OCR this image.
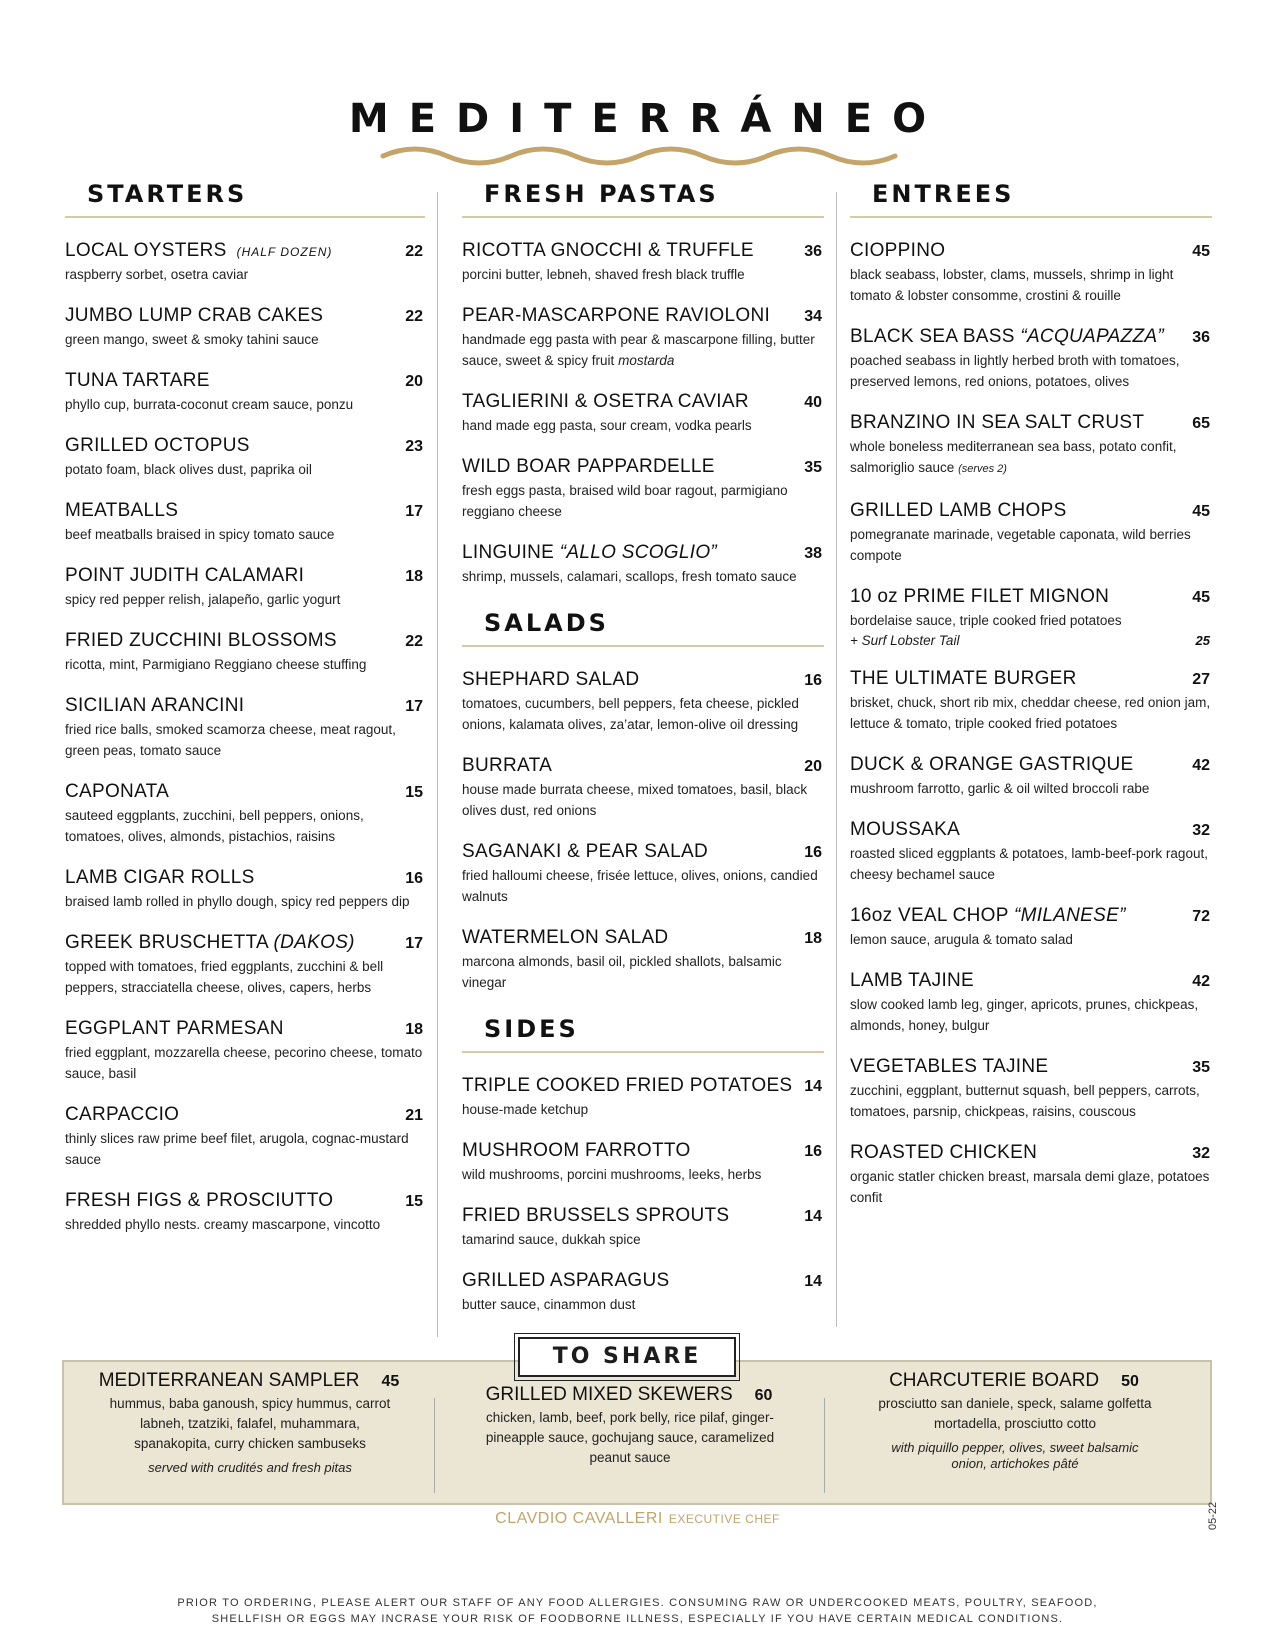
MEDITERRÁNEO
STARTERS
LOCAL OYSTERS (HALF DOZEN)	22
raspberry sorbet, osetra caviar
JUMBO LUMP CRAB CAKES	22
green mango, sweet & smoky tahini sauce
TUNA TARTARE	20
phyllo cup, burrata-coconut cream sauce, ponzu
GRILLED OCTOPUS	23
potato foam, black olives dust, paprika oil
MEATBALLS	17
beef meatballs braised in spicy tomato sauce
POINT JUDITH CALAMARI	18
spicy red pepper relish, jalapeño, garlic yogurt
FRIED ZUCCHINI BLOSSOMS	22
ricotta, mint, Parmigiano Reggiano cheese stuffing
SICILIAN ARANCINI	17
fried rice balls, smoked scamorza cheese, meat ragout, green peas, tomato sauce
CAPONATA	15
sauteed eggplants, zucchini, bell peppers, onions, tomatoes, olives, almonds, pistachios, raisins
LAMB CIGAR ROLLS	16
braised lamb rolled in phyllo dough, spicy red peppers dip
GREEK BRUSCHETTA (DAKOS)	17
topped with tomatoes, fried eggplants, zucchini & bell peppers, stracciatella cheese, olives, capers, herbs
EGGPLANT PARMESAN	18
fried eggplant, mozzarella cheese, pecorino cheese, tomato sauce, basil
CARPACCIO	21
thinly slices raw prime beef filet, arugola, cognac-mustard sauce
FRESH FIGS & PROSCIUTTO	15
shredded phyllo nests. creamy mascarpone, vincotto
FRESH PASTAS
RICOTTA GNOCCHI & TRUFFLE	36
porcini butter, lebneh, shaved fresh black truffle
PEAR-MASCARPONE RAVIOLONI 34
handmade egg pasta with pear & mascarpone filling, butter sauce, sweet & spicy fruit mostarda
TAGLIERINI & OSETRA CAVIAR	40
hand made egg pasta, sour cream, vodka pearls
WILD BOAR PAPPARDELLE	35
fresh eggs pasta, braised wild boar ragout, parmigiano reggiano cheese
LINGUINE “ALLO SCOGLIO”	38
shrimp, mussels, calamari, scallops, fresh tomato sauce
SALADS
SHEPHARD SALAD	16
tomatoes, cucumbers, bell peppers, feta cheese, pickled onions, kalamata olives, za’atar, lemon-olive oil dressing
BURRATA	20
house made burrata cheese, mixed tomatoes, basil, black olives dust, red onions
SAGANAKI & PEAR SALAD	16
fried halloumi cheese, frisée lettuce, olives, onions, candied walnuts
WATERMELON SALAD	18
marcona almonds, basil oil, pickled shallots, balsamic vinegar
SIDES
TRIPLE COOKED FRIED POTATOES 14
house-made ketchup
MUSHROOM FARROTTO	16
wild mushrooms, porcini mushrooms, leeks, herbs
FRIED BRUSSELS SPROUTS	14
tamarind sauce, dukkah spice
GRILLED ASPARAGUS	14
butter sauce, cinammon dust
ENTREES
CIOPPINO	45
black seabass, lobster, clams, mussels, shrimp in light tomato & lobster consomme, crostini & rouille
BLACK SEA BASS “ACQUAPAZZA” 36
poached seabass in lightly herbed broth with tomatoes, preserved lemons, red onions, potatoes, olives
BRANZINO IN SEA SALT CRUST	65
whole boneless mediterranean sea bass, potato confit, salmoriglio sauce (serves 2)
GRILLED LAMB CHOPS	45
pomegranate marinade, vegetable caponata, wild berries compote
10 oz PRIME FILET MIGNON	45
bordelaise sauce, triple cooked fried potatoes
+ Surf Lobster Tail	25
THE ULTIMATE BURGER	27
brisket, chuck, short rib mix, cheddar cheese, red onion jam, lettuce & tomato, triple cooked fried potatoes
DUCK & ORANGE GASTRIQUE	42
mushroom farrotto, garlic & oil wilted broccoli rabe
MOUSSAKA	32
roasted sliced eggplants & potatoes, lamb-beef-pork ragout, cheesy bechamel sauce
16oz VEAL CHOP “MILANESE”	72
lemon sauce, arugula & tomato salad
LAMB TAJINE	42
slow cooked lamb leg, ginger, apricots, prunes, chickpeas, almonds, honey, bulgur
VEGETABLES TAJINE	35
zucchini, eggplant, butternut squash, bell peppers, carrots, tomatoes, parsnip, chickpeas, raisins, couscous
ROASTED CHICKEN	32
organic statler chicken breast, marsala demi glaze, potatoes confit
TO SHARE
MEDITERRANEAN SAMPLER 45
hummus, baba ganoush, spicy hummus, carrot labneh, tzatziki, falafel, muhammara, spanakopita, curry chicken sambuseks
served with crudités and fresh pitas
GRILLED MIXED SKEWERS 60
chicken, lamb, beef, pork belly, rice pilaf, ginger-pineapple sauce, gochujang sauce, caramelized peanut sauce
CHARCUTERIE BOARD 50
prosciutto san daniele, speck, salame golfetta mortadella, prosciutto cotto
with piquillo pepper, olives, sweet balsamic onion, artichokes pâté
CLAVDIO CAVALLERI EXECUTIVE CHEF	05-22
PRIOR TO ORDERING, PLEASE ALERT OUR STAFF OF ANY FOOD ALLERGIES. CONSUMING RAW OR UNDERCOOKED MEATS, POULTRY, SEAFOOD,
SHELLFISH OR EGGS MAY INCRASE YOUR RISK OF FOODBORNE ILLNESS, ESPECIALLY IF YOU HAVE CERTAIN MEDICAL CONDITIONS.
